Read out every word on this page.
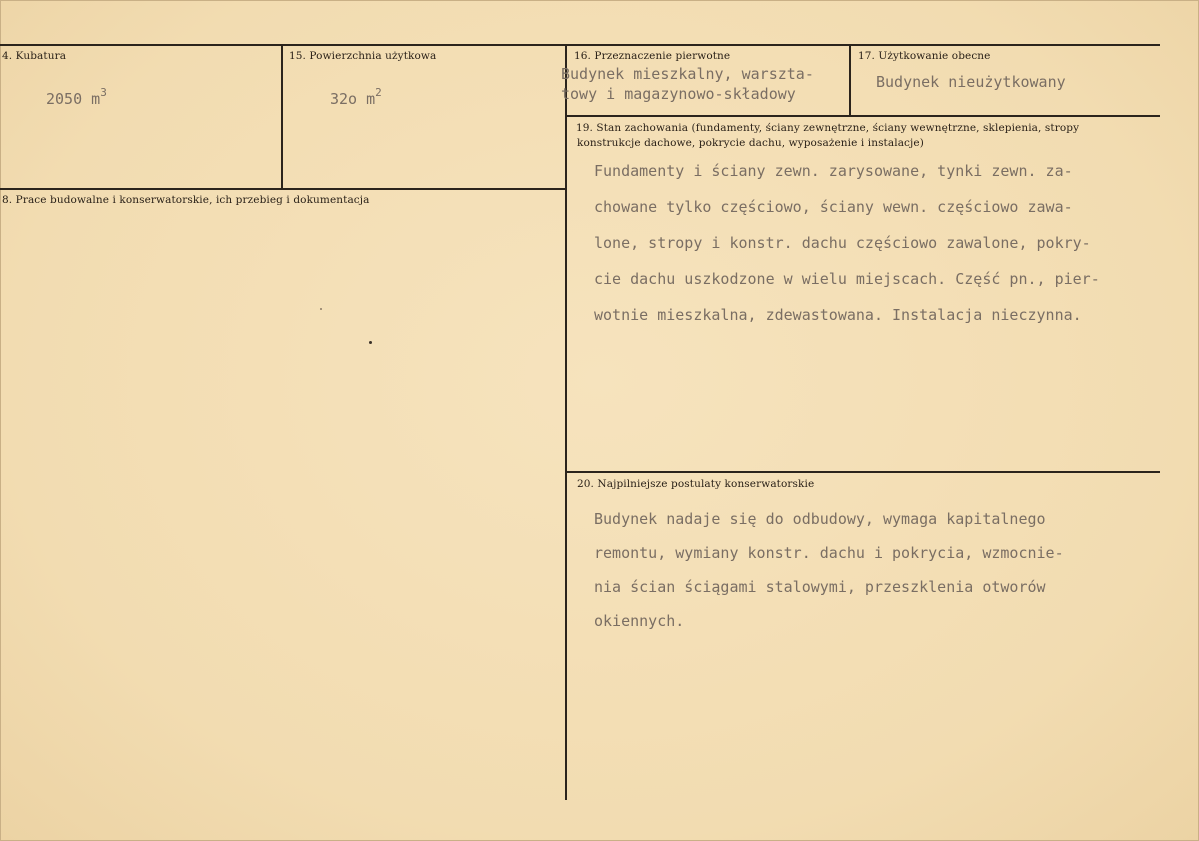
4. Kubatura
2050 $m^3$
15. Powierzchnia użytkowa
32o $m^2$
16. Przeznaczenie pierwotne
Budynek mieszkalny, warszta-
towy i magazynowo-składowy
17. Użytkowanie obecne
Budynek nieużytkowany
8. Prace budowalne i konserwatorskie, ich przebieg i dokumentacja
19. Stan zachowania (fundamenty, ściany zewnętrzne, ściany wewnętrzne, sklepienia, stropy
konstrukcje dachowe, pokrycie dachu, wyposażenie i instalacje)
Fundamenty i ściany zewn. zarysowane, tynki zewn. za-
chowane tylko częściowo, ściany wewn. częściowo zawa-
lone, stropy i konstr. dachu częściowo zawalone, pokry-
cie dachu uszkodzone w wielu miejscach. Część pn., pier-
wotnie mieszkalna, zdewastowana. Instalacja nieczynna.
20. Najpilniejsze postulaty konserwatorskie
Budynek nadaje się do odbudowy, wymaga kapitalnego
remontu, wymiany konstr. dachu i pokrycia, wzmocnie-
nia ścian ściągami stalowymi, przeszklenia otworów
okiennych.
